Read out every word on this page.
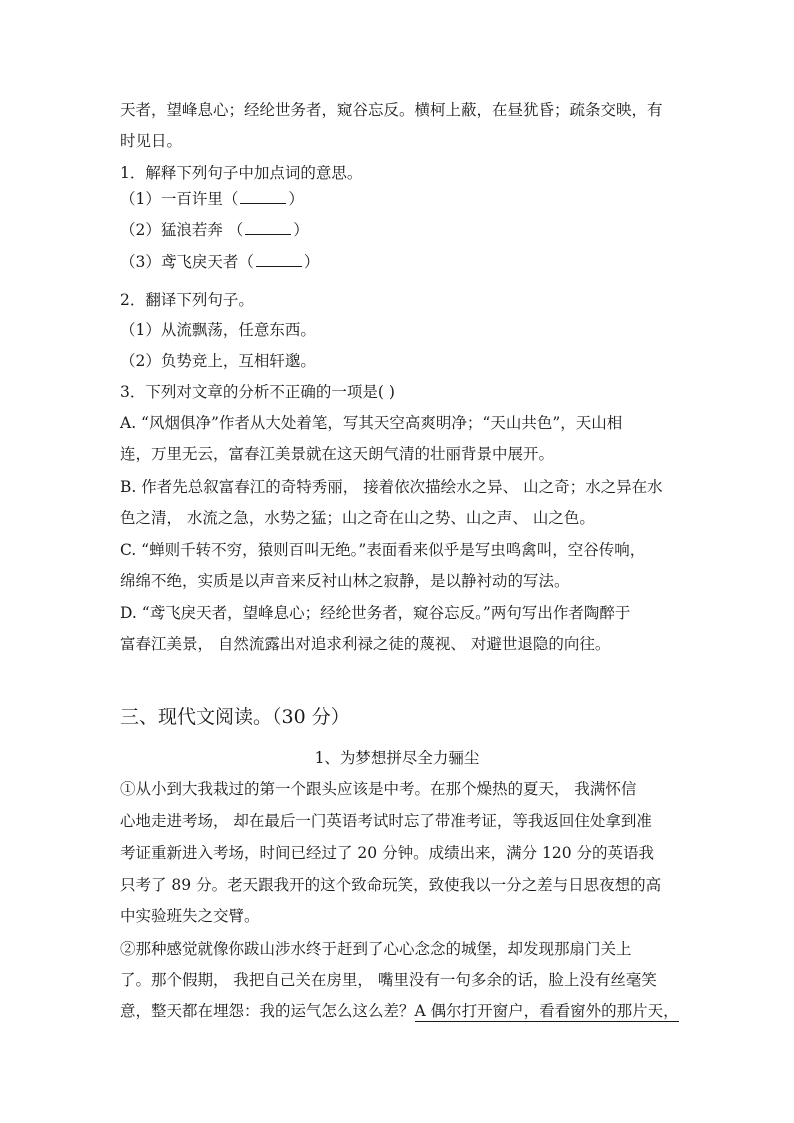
天者，望峰息心；经纶世务者，窥谷忘反。横柯上蔽，在昼犹昏；疏条交映，有
时见日。
1．解释下列句子中加点词的意思。
（1）一百许里（	）
（2）猛浪若奔 （	）
（3）鸢飞戾天者（	）
2．翻译下列句子。
（1）从流飘荡，任意东西。
（2）负势竞上，互相轩邈。
3．下列对文章的分析不正确的一项是( )
A. “风烟俱净”作者从大处着笔，写其天空高爽明净；“天山共色”，天山相
连，万里无云，富春江美景就在这天朗气清的壮丽背景中展开。
B. 作者先总叙富春江的奇特秀丽， 接着依次描绘水之异、 山之奇；水之异在水
色之清， 水流之急，水势之猛；山之奇在山之势、山之声、 山之色。
C. “蝉则千转不穷，猿则百叫无绝。”表面看来似乎是写虫鸣禽叫，空谷传响，
绵绵不绝，实质是以声音来反衬山林之寂静，是以静衬动的写法。
D. “鸢飞戾天者，望峰息心；经纶世务者，窥谷忘反。”两句写出作者陶醉于
富春江美景， 自然流露出对追求利禄之徒的蔑视、 对避世退隐的向往。
三、现代文阅读。（30 分）
1、为梦想拼尽全力骊尘
①从小到大我栽过的第一个跟头应该是中考。在那个燥热的夏天， 我满怀信
心地走进考场， 却在最后一门英语考试时忘了带准考证，等我返回住处拿到准
考证重新进入考场，时间已经过了 20 分钟。成绩出来，满分 120 分的英语我
只考了 89 分。老天跟我开的这个致命玩笑，致使我以一分之差与日思夜想的高
中实验班失之交臂。
②那种感觉就像你跋山涉水终于赶到了心心念念的城堡，却发现那扇门关上
了。那个假期， 我把自己关在房里， 嘴里没有一句多余的话，脸上没有丝毫笑
意，整天都在埋怨：我的运气怎么这么差？A 偶尔打开窗户，看看窗外的那片天，
